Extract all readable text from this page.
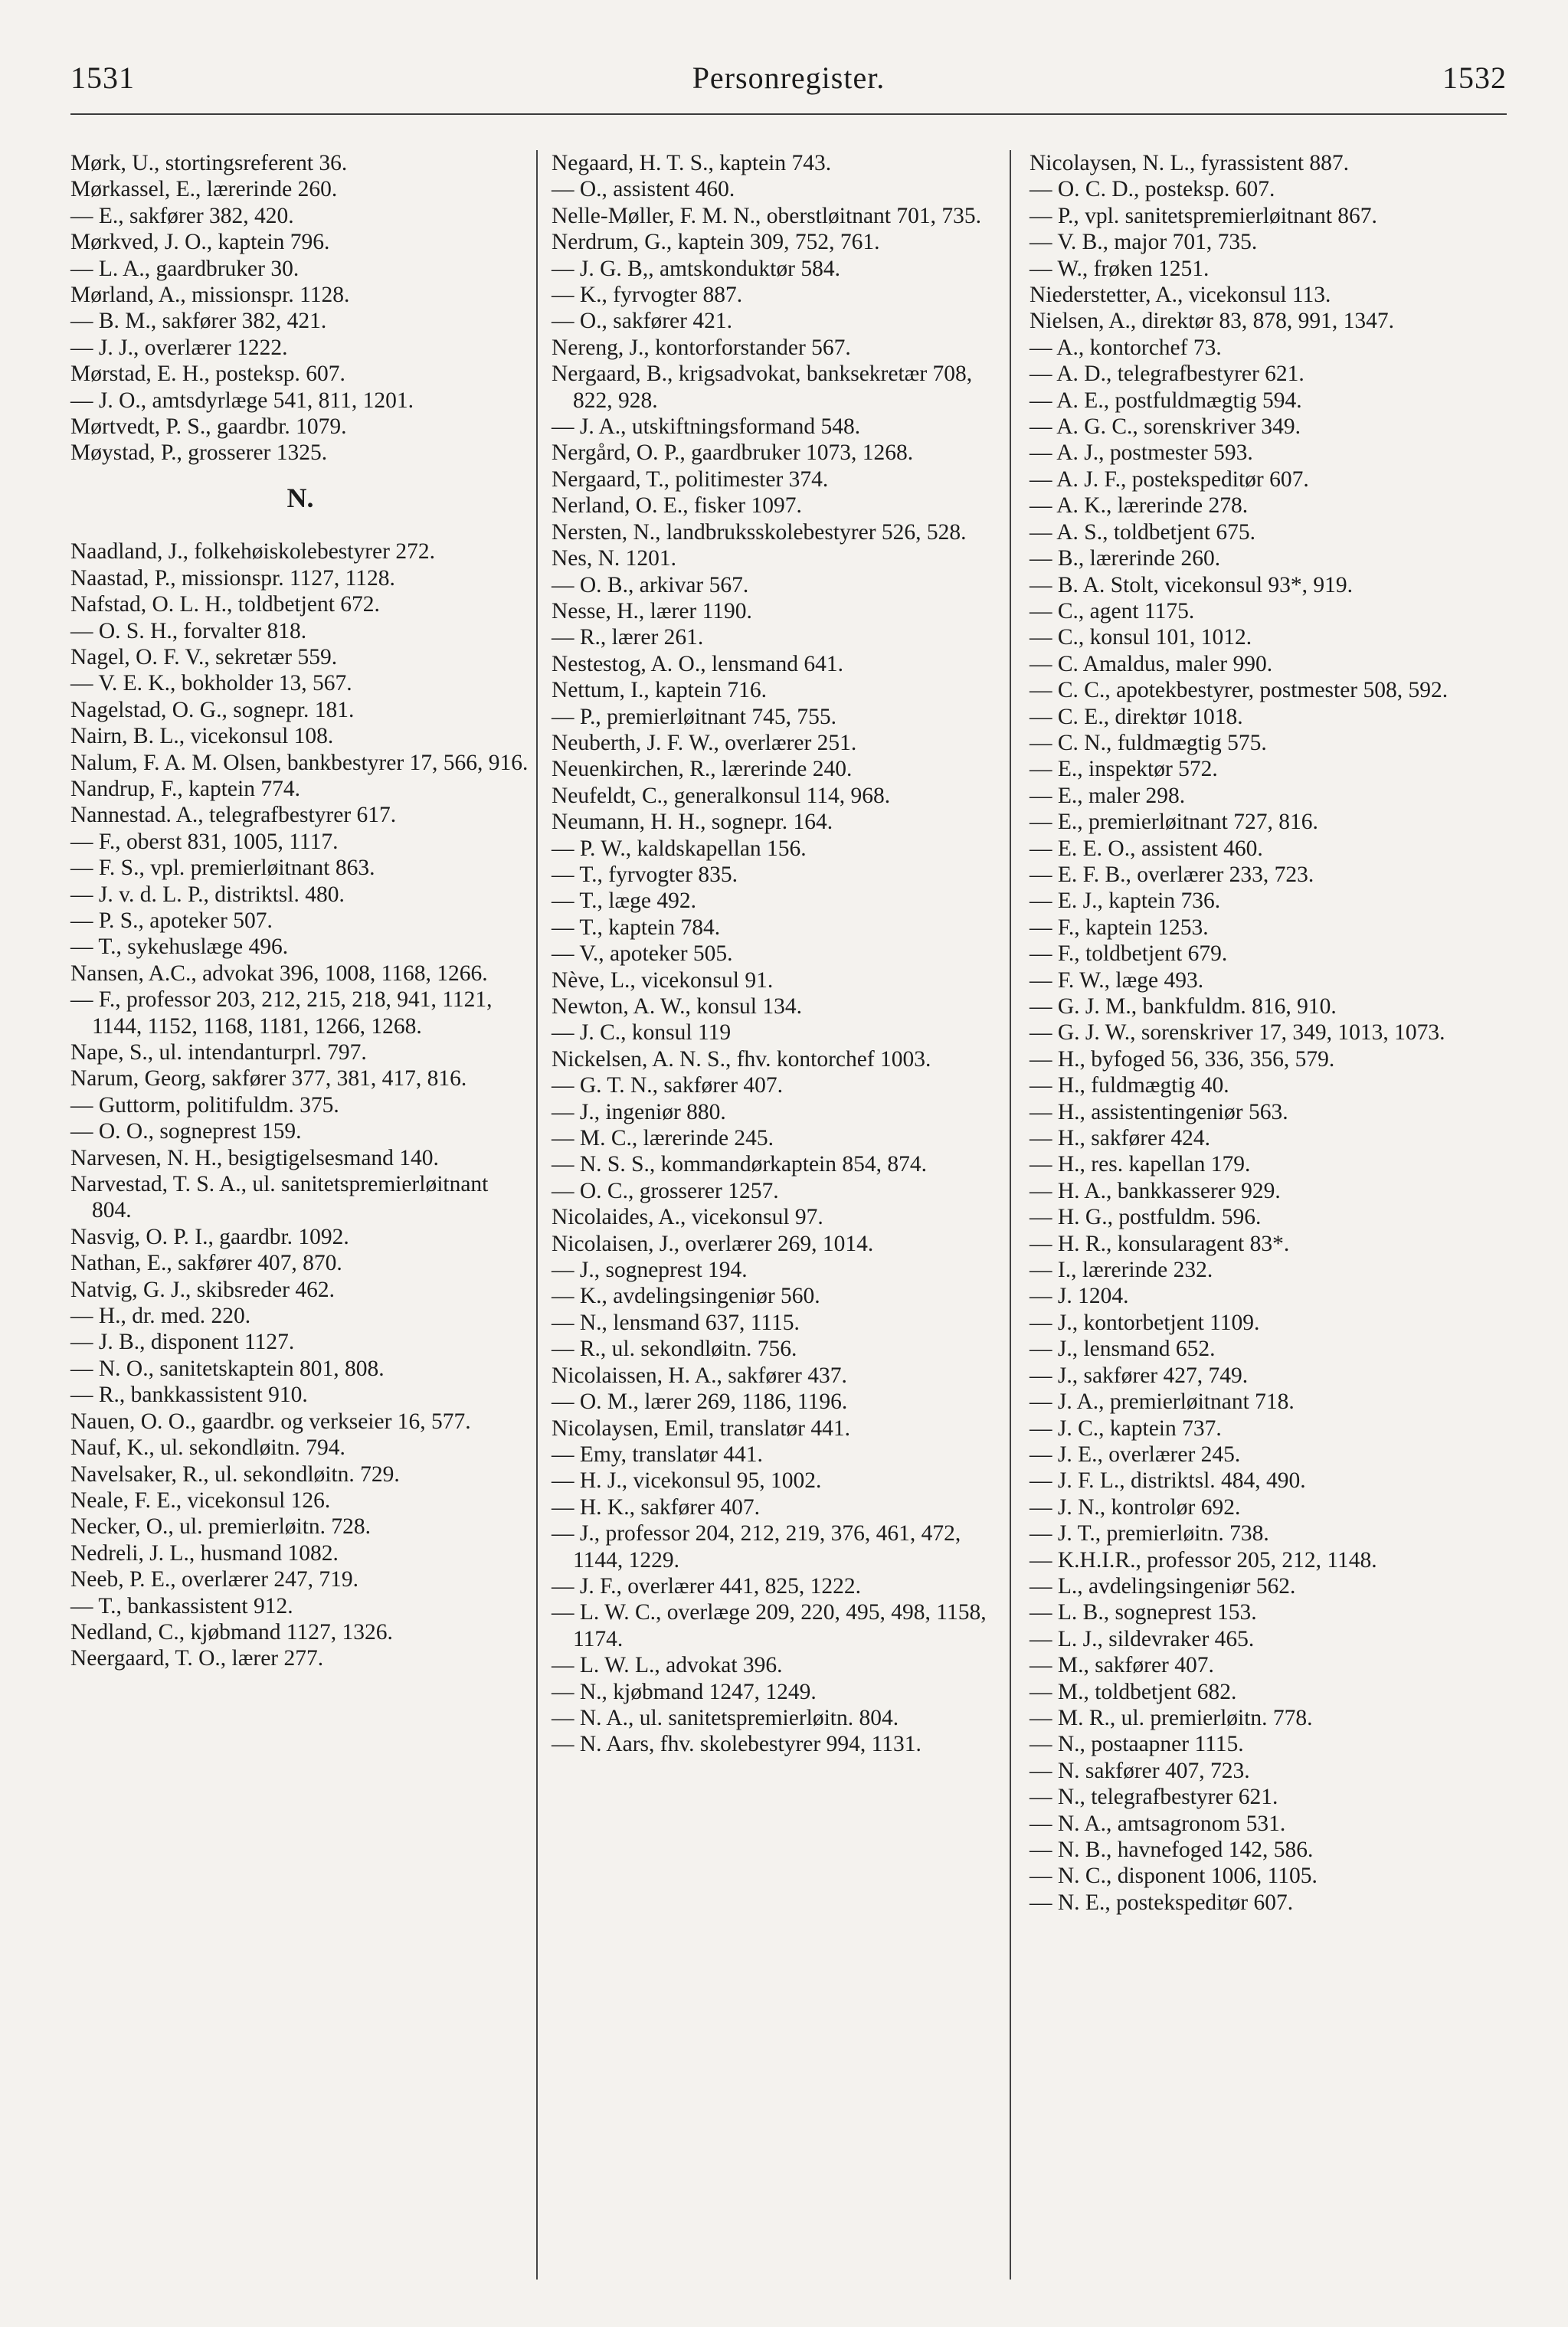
1531	Personregister.	1532
Mørk, U., stortingsreferent 36.
Mørkassel, E., lærerinde 260.
— E., sakfører 382, 420.
Mørkved, J. O., kaptein 796.
— L. A., gaardbruker 30.
Mørland, A., missionspr. 1128.
— B. M., sakfører 382, 421.
— J. J., overlærer 1222.
Mørstad, E. H., posteksp. 607.
— J. O., amtsdyrlæge 541, 811, 1201.
Mørtvedt, P. S., gaardbr. 1079.
Møystad, P., grosserer 1325.
N.
Naadland, J., folkehøiskolebestyrer 272.
Naastad, P., missionspr. 1127, 1128.
Nafstad, O. L. H., toldbetjent 672.
— O. S. H., forvalter 818.
Nagel, O. F. V., sekretær 559.
— V. E. K., bokholder 13, 567.
Nagelstad, O. G., sognepr. 181.
Nairn, B. L., vicekonsul 108.
Nalum, F. A. M. Olsen, bankbestyrer 17, 566, 916.
Nandrup, F., kaptein 774.
Nannestad. A., telegrafbestyrer 617.
— F., oberst 831, 1005, 1117.
— F. S., vpl. premierløitnant 863.
— J. v. d. L. P., distriktsl. 480.
— P. S., apoteker 507.
— T., sykehuslæge 496.
Nansen, A.C., advokat 396, 1008, 1168, 1266.
— F., professor 203, 212, 215, 218, 941, 1121, 1144, 1152, 1168, 1181, 1266, 1268.
Nape, S., ul. intendanturprl. 797.
Narum, Georg, sakfører 377, 381, 417, 816.
— Guttorm, politifuldm. 375.
— O. O., sogneprest 159.
Narvesen, N. H., besigtigelsesmand 140.
Narvestad, T. S. A., ul. sanitetspremierløitnant 804.
Nasvig, O. P. I., gaardbr. 1092.
Nathan, E., sakfører 407, 870.
Natvig, G. J., skibsreder 462.
— H., dr. med. 220.
— J. B., disponent 1127.
— N. O., sanitetskaptein 801, 808.
— R., bankkassistent 910.
Nauen, O. O., gaardbr. og verkseier 16, 577.
Nauf, K., ul. sekondløitn. 794.
Navelsaker, R., ul. sekondløitn. 729.
Neale, F. E., vicekonsul 126.
Necker, O., ul. premierløitn. 728.
Nedreli, J. L., husmand 1082.
Neeb, P. E., overlærer 247, 719.
— T., bankassistent 912.
Nedland, C., kjøbmand 1127, 1326.
Neergaard, T. O., lærer 277.
Negaard, H. T. S., kaptein 743.
— O., assistent 460.
Nelle-Møller, F. M. N., oberstløitnant 701, 735.
Nerdrum, G., kaptein 309, 752, 761.
— J. G. B,, amtskonduktør 584.
— K., fyrvogter 887.
— O., sakfører 421.
Nereng, J., kontorforstander 567.
Nergaard, B., krigsadvokat, banksekretær 708, 822, 928.
— J. A., utskiftningsformand 548.
Nergård, O. P., gaardbruker 1073, 1268.
Nergaard, T., politimester 374.
Nerland, O. E., fisker 1097.
Nersten, N., landbruksskolebestyrer 526, 528.
Nes, N. 1201.
— O. B., arkivar 567.
Nesse, H., lærer 1190.
— R., lærer 261.
Nestestog, A. O., lensmand 641.
Nettum, I., kaptein 716.
— P., premierløitnant 745, 755.
Neuberth, J. F. W., overlærer 251.
Neuenkirchen, R., lærerinde 240.
Neufeldt, C., generalkonsul 114, 968.
Neumann, H. H., sognepr. 164.
— P. W., kaldskapellan 156.
— T., fyrvogter 835.
— T., læge 492.
— T., kaptein 784.
— V., apoteker 505.
Nève, L., vicekonsul 91.
Newton, A. W., konsul 134.
— J. C., konsul 119
Nickelsen, A. N. S., fhv. kontorchef 1003.
— G. T. N., sakfører 407.
— J., ingeniør 880.
— M. C., lærerinde 245.
— N. S. S., kommandørkaptein 854, 874.
— O. C., grosserer 1257.
Nicolaides, A., vicekonsul 97.
Nicolaisen, J., overlærer 269, 1014.
— J., sogneprest 194.
— K., avdelingsingeniør 560.
— N., lensmand 637, 1115.
— R., ul. sekondløitn. 756.
Nicolaissen, H. A., sakfører 437.
— O. M., lærer 269, 1186, 1196.
Nicolaysen, Emil, translatør 441.
— Emy, translatør 441.
— H. J., vicekonsul 95, 1002.
— H. K., sakfører 407.
— J., professor 204, 212, 219, 376, 461, 472, 1144, 1229.
— J. F., overlærer 441, 825, 1222.
— L. W. C., overlæge 209, 220, 495, 498, 1158, 1174.
— L. W. L., advokat 396.
— N., kjøbmand 1247, 1249.
— N. A., ul. sanitetspremierløitn. 804.
— N. Aars, fhv. skolebestyrer 994, 1131.
Nicolaysen, N. L., fyrassistent 887.
— O. C. D., posteksp. 607.
— P., vpl. sanitetspremierløitnant 867.
— V. B., major 701, 735.
— W., frøken 1251.
Niederstetter, A., vicekonsul 113.
Nielsen, A., direktør 83, 878, 991, 1347.
— A., kontorchef 73.
— A. D., telegrafbestyrer 621.
— A. E., postfuldmægtig 594.
— A. G. C., sorenskriver 349.
— A. J., postmester 593.
— A. J. F., postekspeditør 607.
— A. K., lærerinde 278.
— A. S., toldbetjent 675.
— B., lærerinde 260.
— B. A. Stolt, vicekonsul 93*, 919.
— C., agent 1175.
— C., konsul 101, 1012.
— C. Amaldus, maler 990.
— C. C., apotekbestyrer, postmester 508, 592.
— C. E., direktør 1018.
— C. N., fuldmægtig 575.
— E., inspektør 572.
— E., maler 298.
— E., premierløitnant 727, 816.
— E. E. O., assistent 460.
— E. F. B., overlærer 233, 723.
— E. J., kaptein 736.
— F., kaptein 1253.
— F., toldbetjent 679.
— F. W., læge 493.
— G. J. M., bankfuldm. 816, 910.
— G. J. W., sorenskriver 17, 349, 1013, 1073.
— H., byfoged 56, 336, 356, 579.
— H., fuldmægtig 40.
— H., assistentingeniør 563.
— H., sakfører 424.
— H., res. kapellan 179.
— H. A., bankkasserer 929.
— H. G., postfuldm. 596.
— H. R., konsularagent 83*.
— I., lærerinde 232.
— J. 1204.
— J., kontorbetjent 1109.
— J., lensmand 652.
— J., sakfører 427, 749.
— J. A., premierløitnant 718.
— J. C., kaptein 737.
— J. E., overlærer 245.
— J. F. L., distriktsl. 484, 490.
— J. N., kontrolør 692.
— J. T., premierløitn. 738.
— K.H.I.R., professor 205, 212, 1148.
— L., avdelingsingeniør 562.
— L. B., sogneprest 153.
— L. J., sildevraker 465.
— M., sakfører 407.
— M., toldbetjent 682.
— M. R., ul. premierløitn. 778.
— N., postaapner 1115.
— N. sakfører 407, 723.
— N., telegrafbestyrer 621.
— N. A., amtsagronom 531.
— N. B., havnefoged 142, 586.
— N. C., disponent 1006, 1105.
— N. E., postekspeditør 607.
